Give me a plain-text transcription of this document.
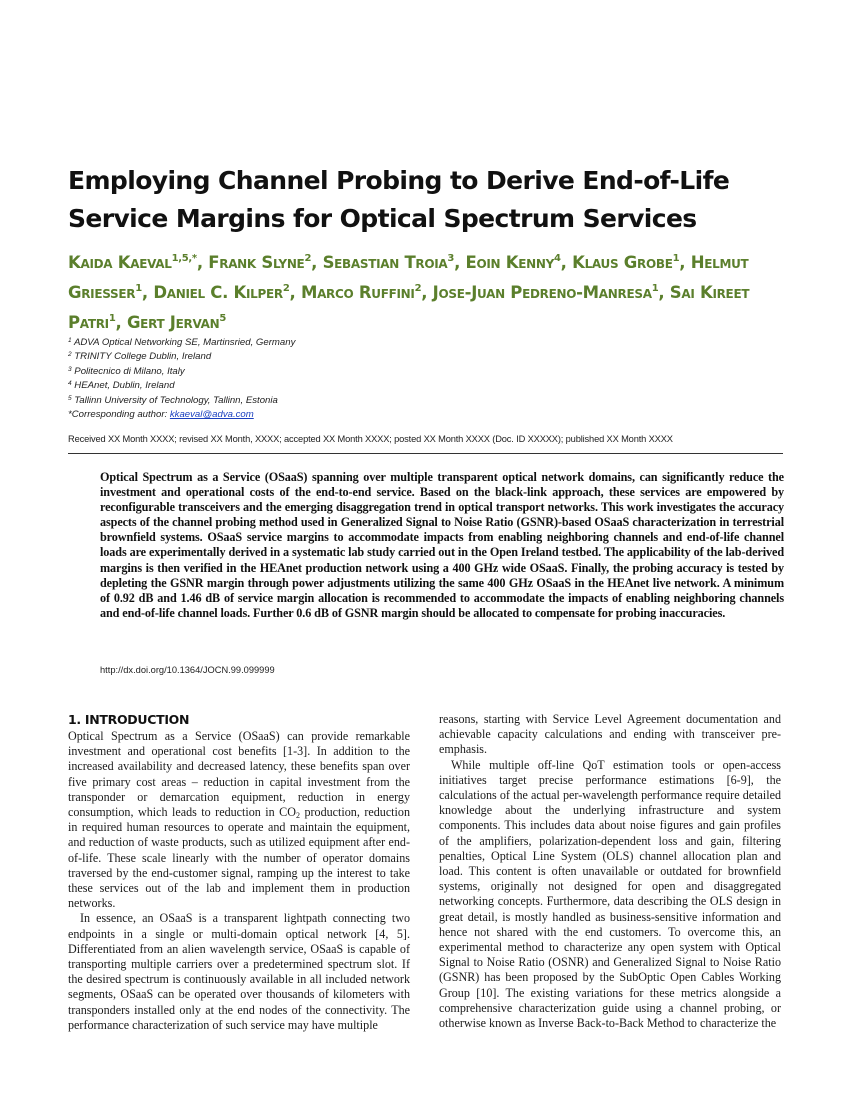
Employing Channel Probing to Derive End-of-Life
Service Margins for Optical Spectrum Services
Kaida Kaeval$^{1,5,*}$, Frank Slyne$^2$, Sebastian Troia$^3$, Eoin Kenny$^4$, Klaus Grobe$^1$, Helmut Griesser$^1$, Daniel C. Kilper$^2$, Marco Ruffini$^2$, Jose-Juan Pedreno-Manresa$^1$, Sai Kireet Patri$^1$, Gert Jervan$^5$
$^1$ ADVA Optical Networking SE, Martinsried, Germany
$^2$ TRINITY College Dublin, Ireland
$^3$ Politecnico di Milano, Italy
$^4$ HEAnet, Dublin, Ireland
$^5$ Tallinn University of Technology, Tallinn, Estonia
*Corresponding author: kkaeval@adva.com
Received XX Month XXXX; revised XX Month, XXXX; accepted XX Month XXXX; posted XX Month XXXX (Doc. ID XXXXX); published XX Month XXXX
Optical Spectrum as a Service (OSaaS) spanning over multiple transparent optical network domains, can significantly reduce the investment and operational costs of the end-to-end service. Based on the black-link approach, these services are empowered by reconfigurable transceivers and the emerging disaggregation trend in optical transport networks. This work investigates the accuracy aspects of the channel probing method used in Generalized Signal to Noise Ratio (GSNR)-based OSaaS characterization in terrestrial brownfield systems. OSaaS service margins to accommodate impacts from enabling neighboring channels and end-of-life channel loads are experimentally derived in a systematic lab study carried out in the Open Ireland testbed. The applicability of the lab-derived margins is then verified in the HEAnet production network using a 400 GHz wide OSaaS. Finally, the probing accuracy is tested by depleting the GSNR margin through power adjustments utilizing the same 400 GHz OSaaS in the HEAnet live network. A minimum of 0.92 dB and 1.46 dB of service margin allocation is recommended to accommodate the impacts of enabling neighboring channels and end-of-life channel loads. Further 0.6 dB of GSNR margin should be allocated to compensate for probing inaccuracies.
http://dx.doi.org/10.1364/JOCN.99.099999
1. INTRODUCTION

Optical Spectrum as a Service (OSaaS) can provide remarkable investment and operational cost benefits [1-3]. In addition to the increased availability and decreased latency, these benefits span over five primary cost areas – reduction in capital investment from the transponder or demarcation equipment, reduction in energy consumption, which leads to reduction in $CO_2$ production, reduction in required human resources to operate and maintain the equipment, and reduction of waste products, such as utilized equipment after end-of-life. These scale linearly with the number of operator domains traversed by the end-customer signal, ramping up the interest to take these services out of the lab and implement them in production networks.

In essence, an OSaaS is a transparent lightpath connecting two endpoints in a single or multi-domain optical network [4, 5]. Differentiated from an alien wavelength service, OSaaS is capable of transporting multiple carriers over a predetermined spectrum slot. If the desired spectrum is continuously available in all included network segments, OSaaS can be operated over thousands of kilometers with transponders installed only at the end nodes of the connectivity. The performance characterization of such service may have multiple

reasons, starting with Service Level Agreement documentation and achievable capacity calculations and ending with transceiver pre-emphasis.

While multiple off-line QoT estimation tools or open-access initiatives target precise performance estimations [6-9], the calculations of the actual per-wavelength performance require detailed knowledge about the underlying infrastructure and system components. This includes data about noise figures and gain profiles of the amplifiers, polarization-dependent loss and gain, filtering penalties, Optical Line System (OLS) channel allocation plan and load. This content is often unavailable or outdated for brownfield systems, originally not designed for open and disaggregated networking concepts. Furthermore, data describing the OLS design in great detail, is mostly handled as business-sensitive information and hence not shared with the end customers. To overcome this, an experimental method to characterize any open system with Optical Signal to Noise Ratio (OSNR) and Generalized Signal to Noise Ratio (GSNR) has been proposed by the SubOptic Open Cables Working Group [10]. The existing variations for these metrics alongside a comprehensive characterization guide using a channel probing, or otherwise known as Inverse Back-to-Back Method to characterize the
